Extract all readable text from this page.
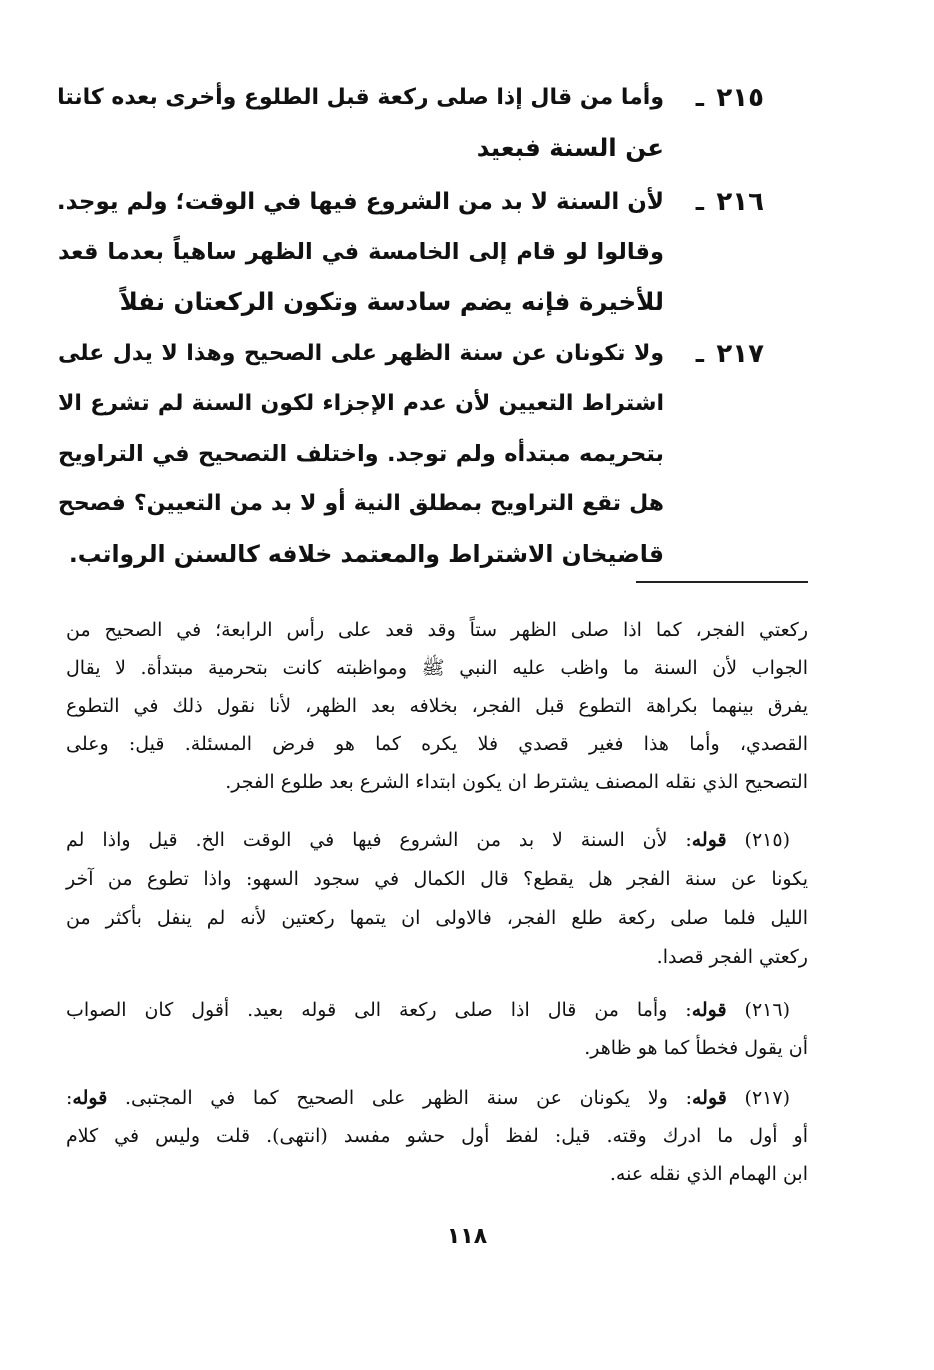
٢١٥
ـ
وأما من قال إذا صلى ركعة قبل الطلوع وأخرى بعده كانتا
عن السنة فبعيد
٢١٦
ـ
لأن السنة لا بد من الشروع فيها في الوقت؛ ولم يوجد.
وقالوا لو قام إلى الخامسة في الظهر ساهياً بعدما قعد
للأخيرة فإنه يضم سادسة وتكون الركعتان نفلاً
٢١٧
ـ
ولا تكونان عن سنة الظهر على الصحيح وهذا لا يدل على
اشتراط التعيين لأن عدم الإجزاء لكون السنة لم تشرع الا
بتحريمه مبتدأه ولم توجد. واختلف التصحيح في التراويح
هل تقع التراويح بمطلق النية أو لا بد من التعيين؟ فصحح
قاضيخان الاشتراط والمعتمد خلافه كالسنن الرواتب.
ركعتي الفجر، كما اذا صلى الظهر ستاً وقد قعد على رأس الرابعة؛ في الصحيح من
الجواب لأن السنة ما واظب عليه النبي ﷺ ومواظبته كانت بتحرمية مبتدأة. لا يقال
يفرق بينهما بكراهة التطوع قبل الفجر، بخلافه بعد الظهر، لأنا نقول ذلك في التطوع
القصدي، وأما هذا فغير قصدي فلا يكره كما هو فرض المسئلة. قيل: وعلى
التصحيح الذي نقله المصنف يشترط ان يكون ابتداء الشرع بعد طلوع الفجر.
(٢١٥) قوله: لأن السنة لا بد من الشروع فيها في الوقت الخ. قيل واذا لم
يكونا عن سنة الفجر هل يقطع؟ قال الكمال في سجود السهو: واذا تطوع من آخر
الليل فلما صلى ركعة طلع الفجر، فالاولى ان يتمها ركعتين لأنه لم ينفل بأكثر من
ركعتي الفجر قصدا.
(٢١٦) قوله: وأما من قال اذا صلى ركعة الى قوله بعيد. أقول كان الصواب
أن يقول فخطأ كما هو ظاهر.
(٢١٧) قوله: ولا يكونان عن سنة الظهر على الصحيح كما في المجتبى. قوله:
أو أول ما ادرك وقته. قيل: لفظ أول حشو مفسد (انتهى). قلت وليس في كلام
ابن الهمام الذي نقله عنه.
١١٨
